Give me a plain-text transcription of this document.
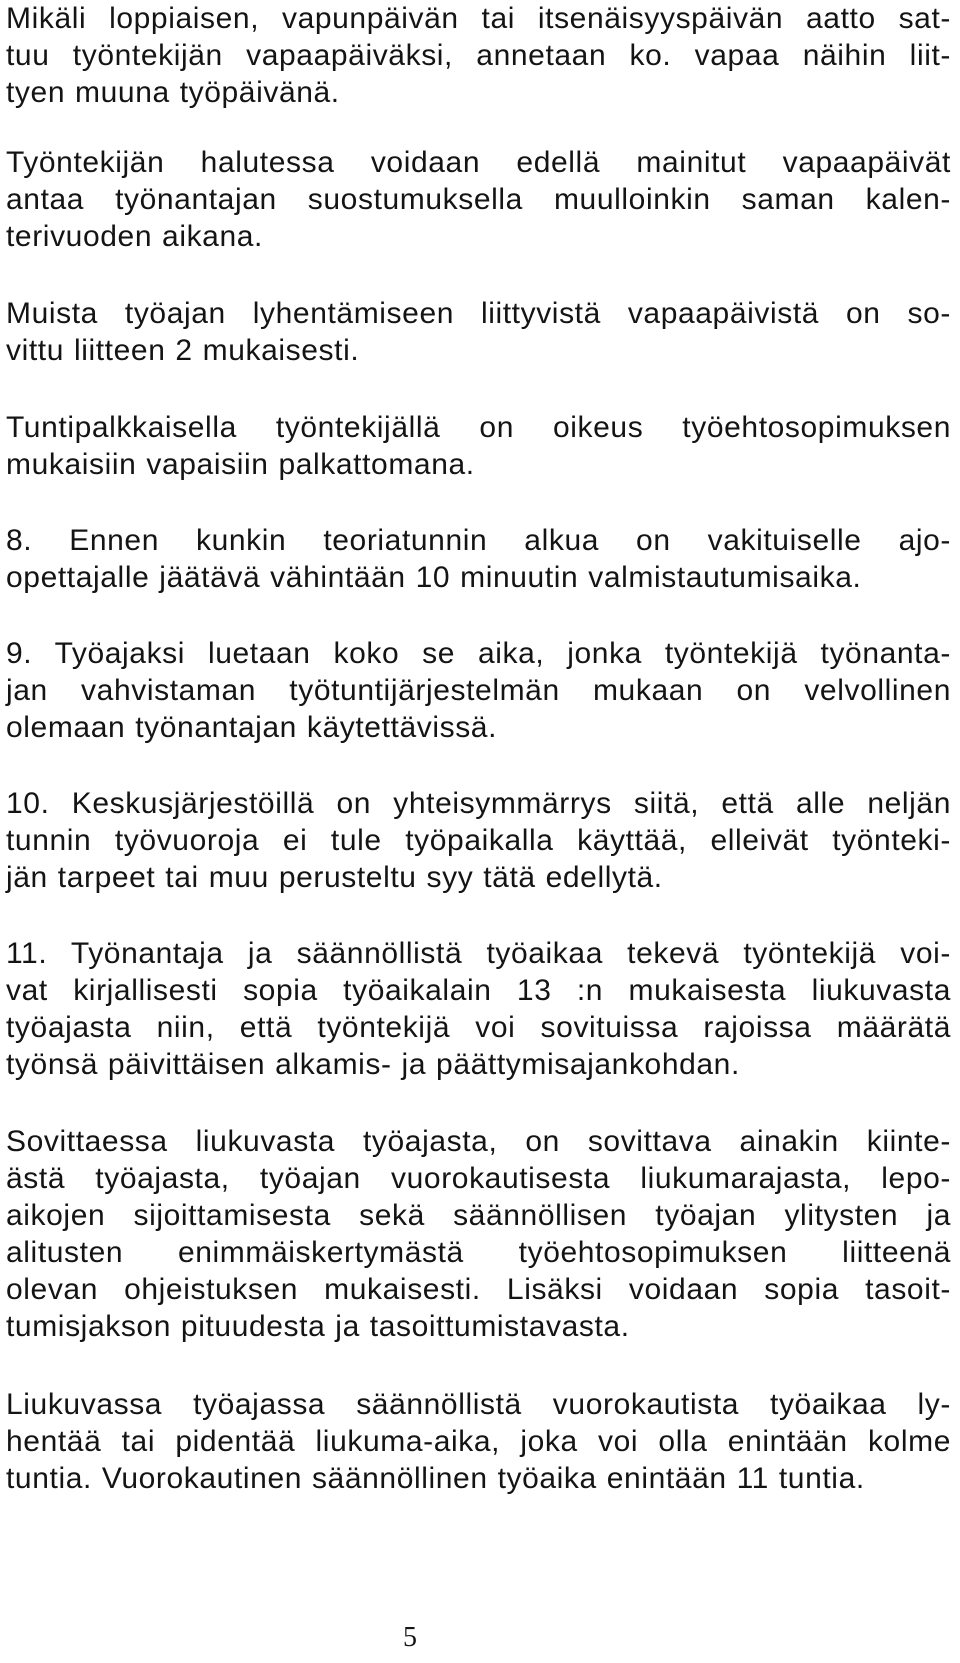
Mikäli loppiaisen, vapunpäivän tai itsenäisyyspäivän aatto sat-
tuu työntekijän vapaapäiväksi, annetaan ko. vapaa näihin liit-
tyen muuna työpäivänä.

Työntekijän halutessa voidaan edellä mainitut vapaapäivät
antaa työnantajan suostumuksella muulloinkin saman kalen-
terivuoden aikana.

Muista työajan lyhentämiseen liittyvistä vapaapäivistä on so-
vittu liitteen 2 mukaisesti.

Tuntipalkkaisella työntekijällä on oikeus työehtosopimuksen
mukaisiin vapaisiin palkattomana.

8. Ennen kunkin teoriatunnin alkua on vakituiselle ajo-
opettajalle jäätävä vähintään 10 minuutin valmistautumisaika.

9. Työajaksi luetaan koko se aika, jonka työntekijä työnanta-
jan vahvistaman työtuntijärjestelmän mukaan on velvollinen
olemaan työnantajan käytettävissä.

10. Keskusjärjestöillä on yhteisymmärrys siitä, että alle neljän
tunnin työvuoroja ei tule työpaikalla käyttää, elleivät työnteki-
jän tarpeet tai muu perusteltu syy tätä edellytä.

11. Työnantaja ja säännöllistä työaikaa tekevä työntekijä voi-
vat kirjallisesti sopia työaikalain 13 :n mukaisesta liukuvasta
työajasta niin, että työntekijä voi sovituissa rajoissa määrätä
työnsä päivittäisen alkamis- ja päättymisajankohdan.

Sovittaessa liukuvasta työajasta, on sovittava ainakin kiinte-
ästä työajasta, työajan vuorokautisesta liukumarajasta, lepo-
aikojen sijoittamisesta sekä säännöllisen työajan ylitysten ja
alitusten enimmäiskertymästä työehtosopimuksen liitteenä
olevan ohjeistuksen mukaisesti. Lisäksi voidaan sopia tasoit-
tumisjakson pituudesta ja tasoittumistavasta.

Liukuvassa työajassa säännöllistä vuorokautista työaikaa ly-
hentää tai pidentää liukuma-aika, joka voi olla enintään kolme
tuntia. Vuorokautinen säännöllinen työaika enintään 11 tuntia.

5
